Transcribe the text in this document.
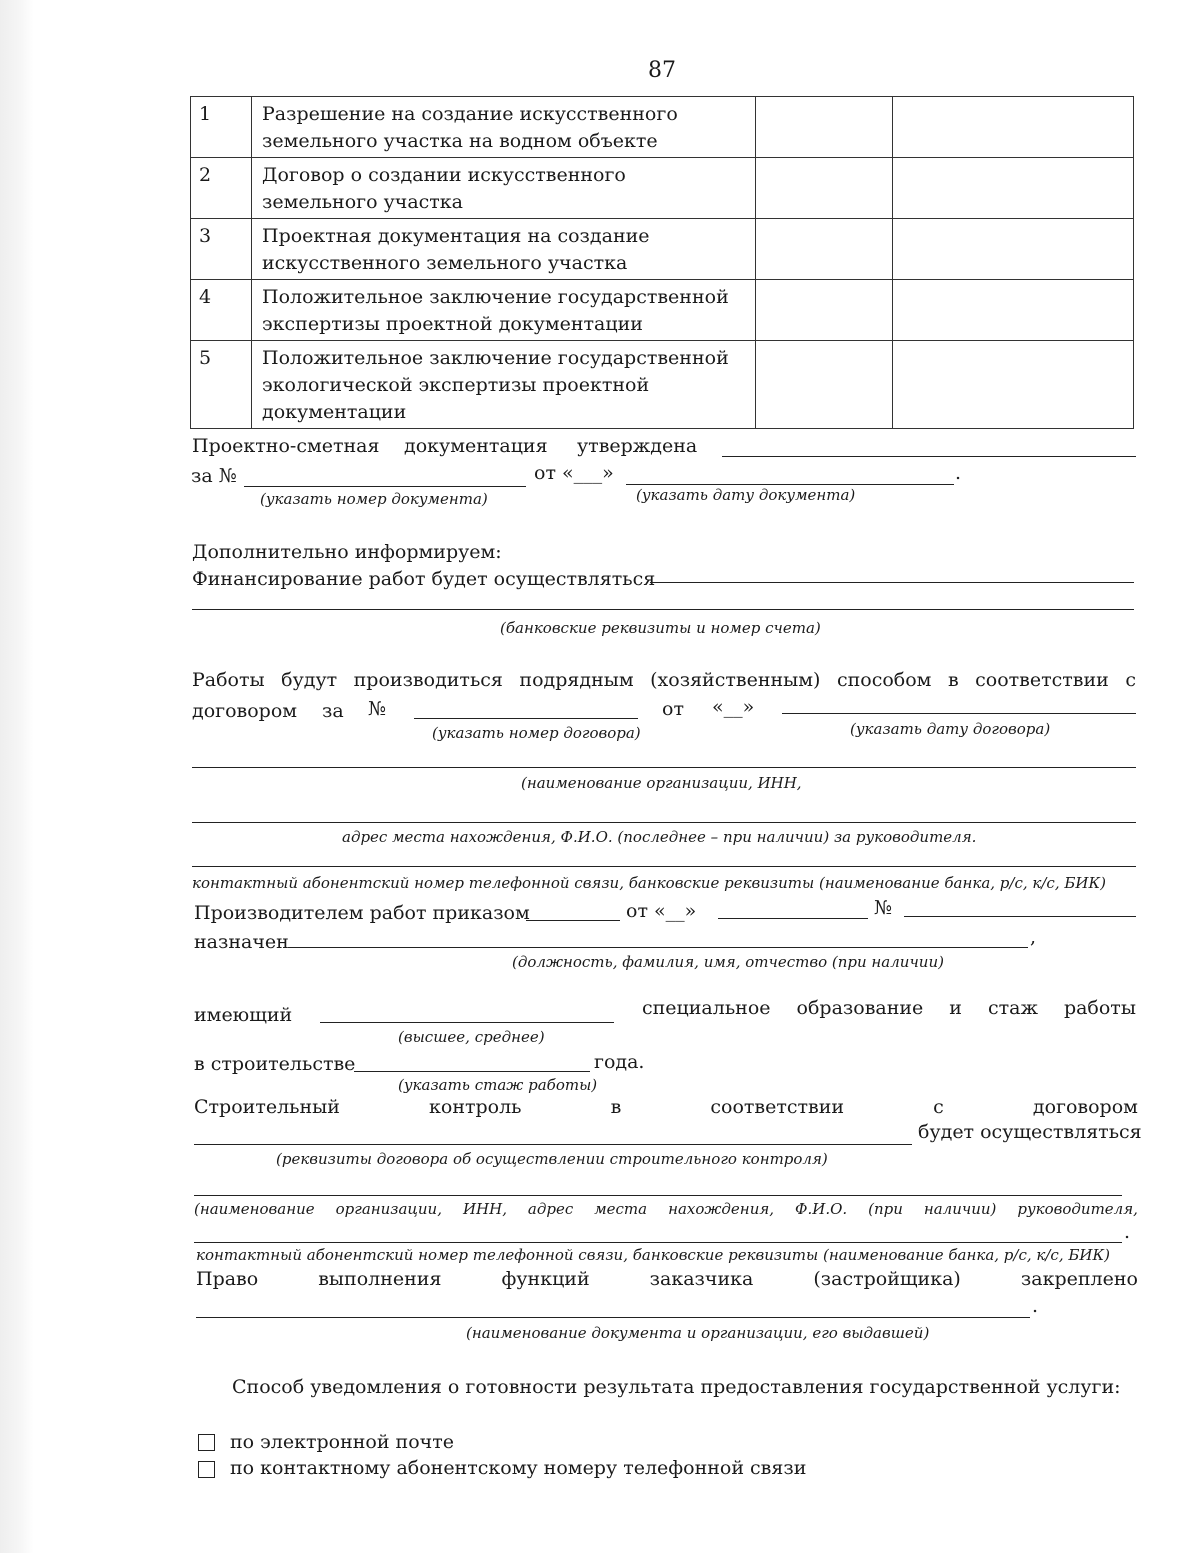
87
1	Разрешение на создание искусственного земельного участка на водном объекте		
2	Договор о создании искусственного земельного участка		
3	Проектная документация на создание искусственного земельного участка		
4	Положительное заключение государственной экспертизы проектной документации		
5	Положительное заключение государственной экологической экспертизы проектной документации		
Проектно-сметная документация утверждена
за №	от «___»	.
(указать номер документа)	(указать дату документа)
Дополнительно информируем:
Финансирование работ будет осуществляться
(банковские реквизиты и номер счета)
Работы будут производиться подрядным (хозяйственным) способом в соответствии с
договором за №	от «__»
(указать номер договора)	(указать дату договора)
(наименование организации, ИНН,
адрес места нахождения, Ф.И.О. (последнее – при наличии) за руководителя.
контактный абонентский номер телефонной связи, банковские реквизиты (наименование банка, р/с, к/с, БИК)
Производителем работ приказом	от «__»	№
назначен	,
(должность, фамилия, имя, отчество (при наличии)
имеющий	специальное образование и стаж работы
(высшее, среднее)
в строительстве	года.
(указать стаж работы)
Строительный	контроль	в	соответствии	с	договором
будет осуществляться
(реквизиты договора об осуществлении строительного контроля)
(наименование организации, ИНН, адрес места нахождения, Ф.И.О. (при наличии) руководителя,
.
контактный абонентский номер телефонной связи, банковские реквизиты (наименование банка, р/с, к/с, БИК)
Право	выполнения	функций	заказчика	(застройщика)	закреплено
.
(наименование документа и организации, его выдавшей)
Способ уведомления о готовности результата предоставления государственной услуги:
по электронной почте
по контактному абонентскому номеру телефонной связи
